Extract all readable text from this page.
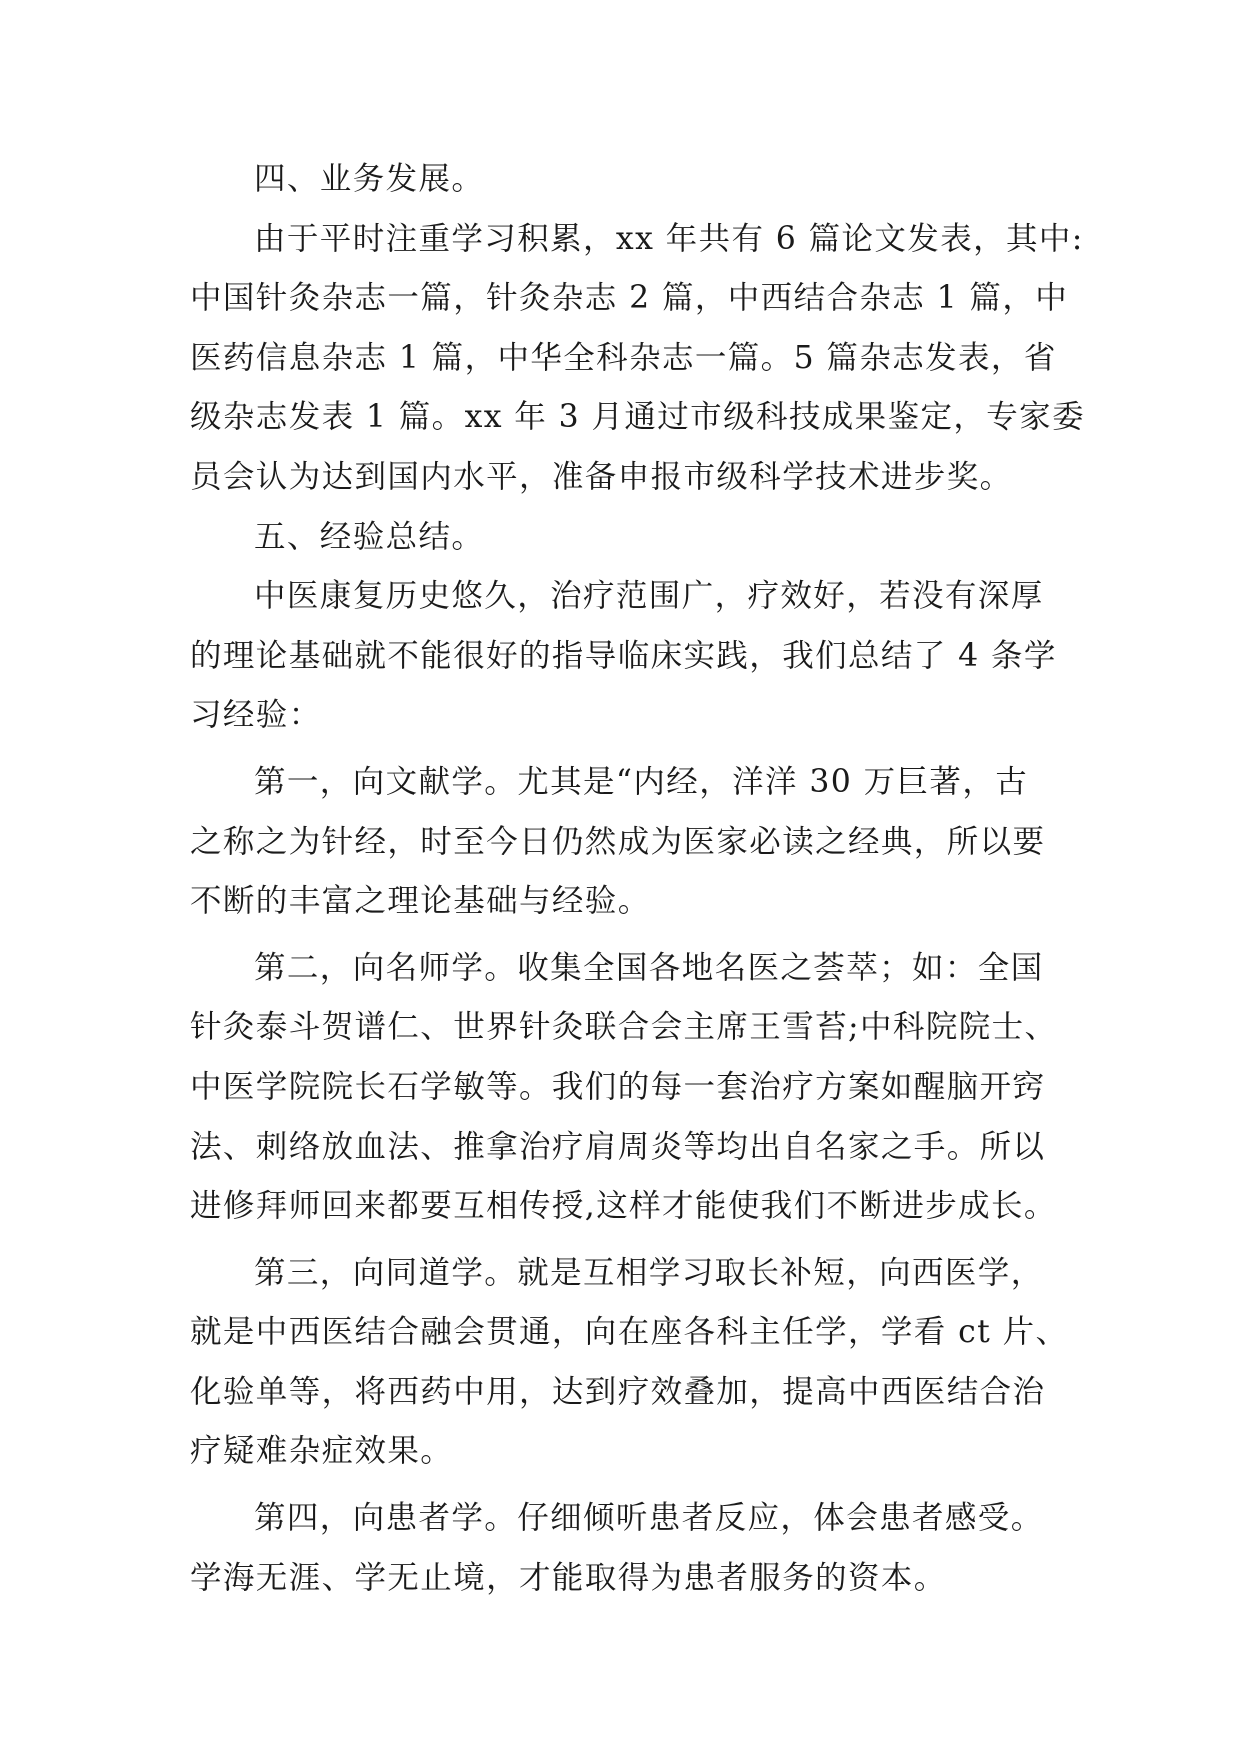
四、业务发展。
由于平时注重学习积累，xx 年共有 6 篇论文发表，其中:
中国针灸杂志一篇，针灸杂志 2 篇，中西结合杂志 1 篇，中
医药信息杂志 1 篇，中华全科杂志一篇。5 篇杂志发表，省
级杂志发表 1 篇。xx 年 3 月通过市级科技成果鉴定，专家委
员会认为达到国内水平，准备申报市级科学技术进步奖。
五、经验总结。
中医康复历史悠久，治疗范围广，疗效好，若没有深厚
的理论基础就不能很好的指导临床实践，我们总结了 4 条学
习经验：
第一，向文献学。尤其是“内经，洋洋 30 万巨著，古
之称之为针经，时至今日仍然成为医家必读之经典，所以要
不断的丰富之理论基础与经验。
第二，向名师学。收集全国各地名医之荟萃；如：全国
针灸泰斗贺谱仁、世界针灸联合会主席王雪苔;中科院院士、
中医学院院长石学敏等。我们的每一套治疗方案如醒脑开窍
法、刺络放血法、推拿治疗肩周炎等均出自名家之手。所以
进修拜师回来都要互相传授,这样才能使我们不断进步成长。
第三，向同道学。就是互相学习取长补短，向西医学，
就是中西医结合融会贯通，向在座各科主任学，学看 ct 片、
化验单等，将西药中用，达到疗效叠加，提高中西医结合治
疗疑难杂症效果。
第四，向患者学。仔细倾听患者反应，体会患者感受。
学海无涯、学无止境，才能取得为患者服务的资本。
